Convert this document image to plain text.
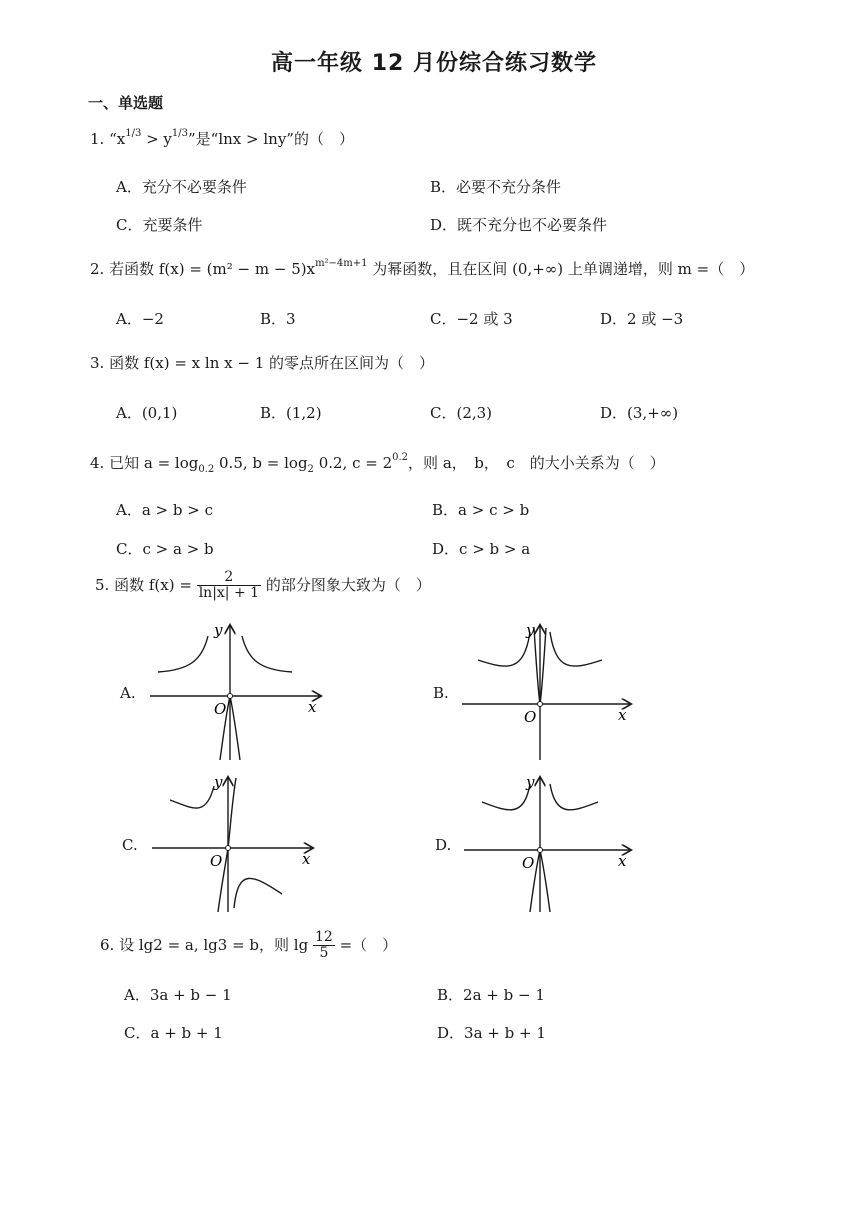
高一年级 12 月份综合练习数学
一、单选题
1. “$x^{1/3} > y^{1/3}$”是“lnx > lny”的（　）
A．充分不必要条件	B．必要不充分条件
C．充要条件	D．既不充分也不必要条件
2. 若函数 $f(x) = (m^2 - m - 5)x^{m^2-4m+1}$ 为幂函数，且在区间 (0,+∞) 上单调递增，则 m =（　）
A．−2	B．3	C．−2 或 3	D．2 或 −3
3. 函数 f(x) = x ln x − 1 的零点所在区间为（　）
A．(0,1)	B．(1,2)	C．(2,3)	D．(3,+∞)
4. 已知 $a = \log_{0.2} 0.5$, $b = \log_2 0.2$, $c = 2^{0.2}$，则 a，　b，　c　的大小关系为（　）
A．a > b > c	B．a > c > b
C．c > a > b	D．c > b > a
5. 函数 $f(x) = \frac{2}{\ln|x| + 1}$ 的部分图象大致为（　）
A.	B.
C.	D.
y
x
O
y
x
O
y
x
O
y
x
O
6. 设 lg2 = a, lg3 = b，则 $\lg \frac{12}{5}$ =（　）
A．3a + b − 1	B．2a + b − 1
C．a + b + 1	D．3a + b + 1
